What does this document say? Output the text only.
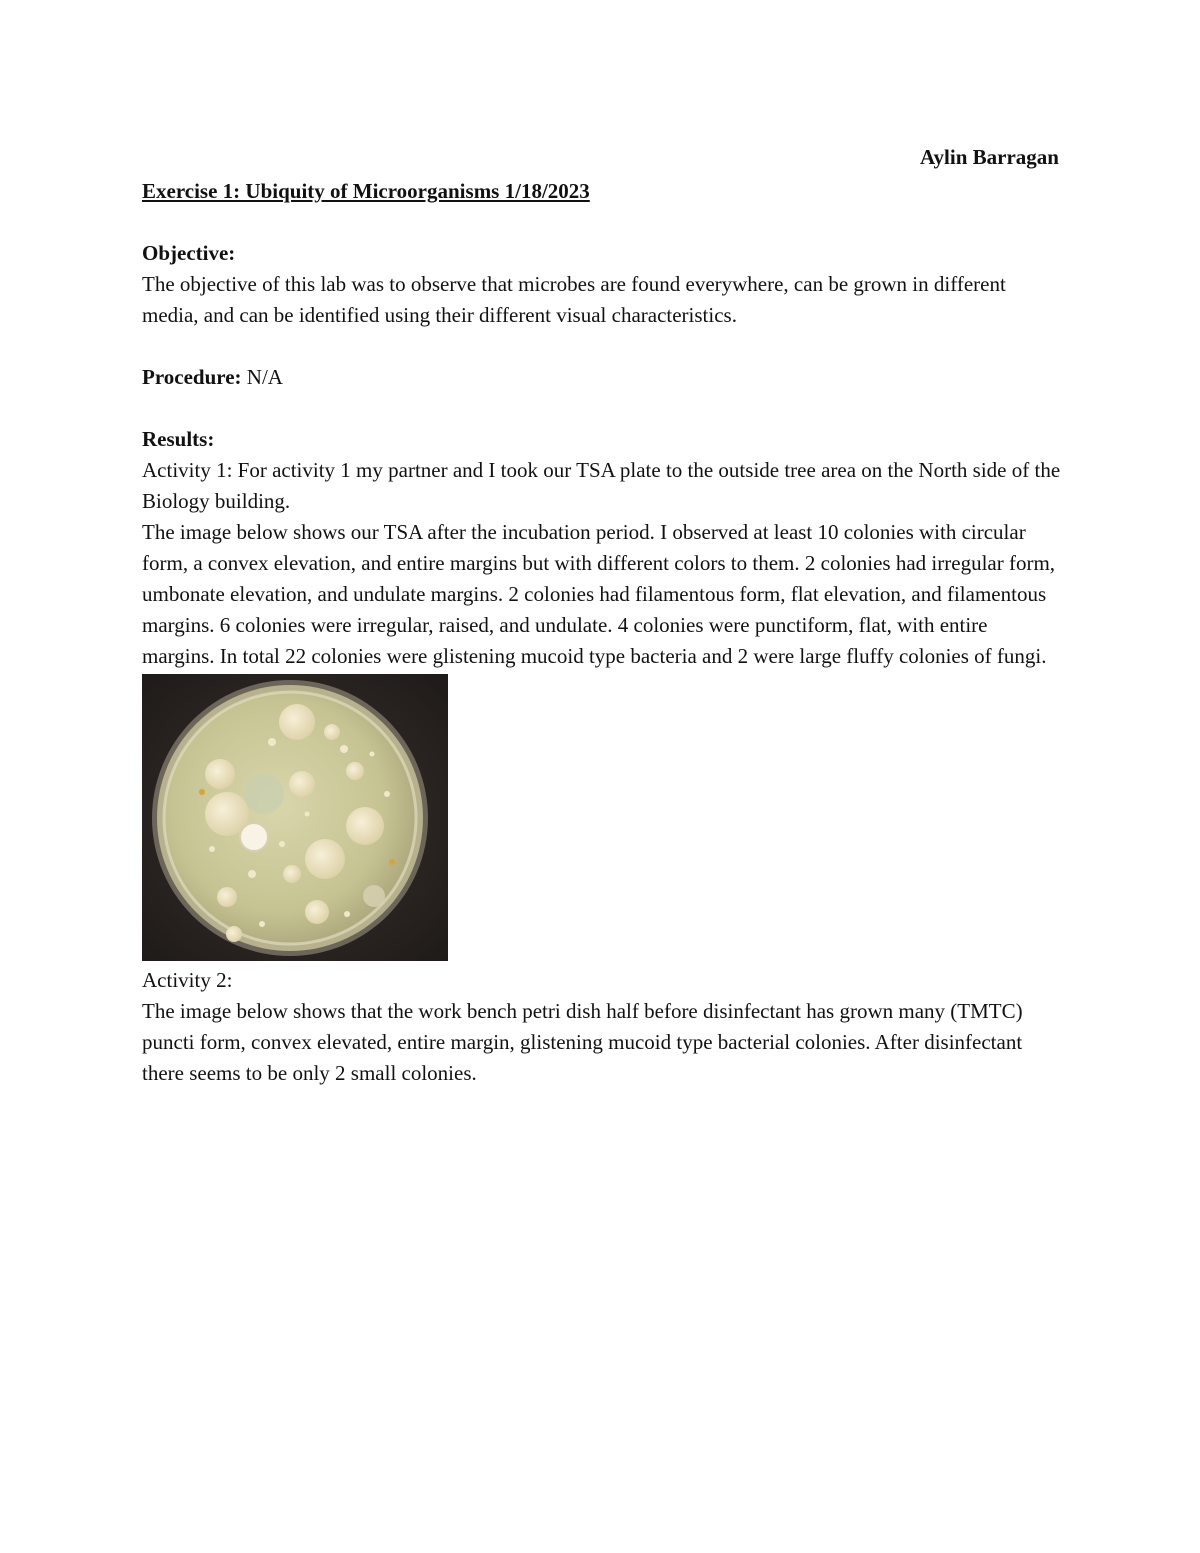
Aylin Barragan

Exercise 1: Ubiquity of Microorganisms 1/18/2023

Objective:

The objective of this lab was to observe that microbes are found everywhere, can be grown in different media, and can be identified using their different visual characteristics.

Procedure: N/A

Results:

Activity 1: For activity 1 my partner and I took our TSA plate to the outside tree area on the North side of the Biology building.

The image below shows our TSA after the incubation period. I observed at least 10 colonies with circular form, a convex elevation, and entire margins but with different colors to them. 2 colonies had irregular form, umbonate elevation, and undulate margins. 2 colonies had filamentous form, flat elevation, and filamentous margins. 6 colonies were irregular, raised, and undulate. 4 colonies were punctiform, flat, with entire margins. In total 22 colonies were glistening mucoid type bacteria and 2 were large fluffy colonies of fungi.

Activity 2:

The image below shows that the work bench petri dish half before disinfectant has grown many (TMTC) puncti form, convex elevated, entire margin, glistening mucoid type bacterial colonies. After disinfectant there seems to be only 2 small colonies.
